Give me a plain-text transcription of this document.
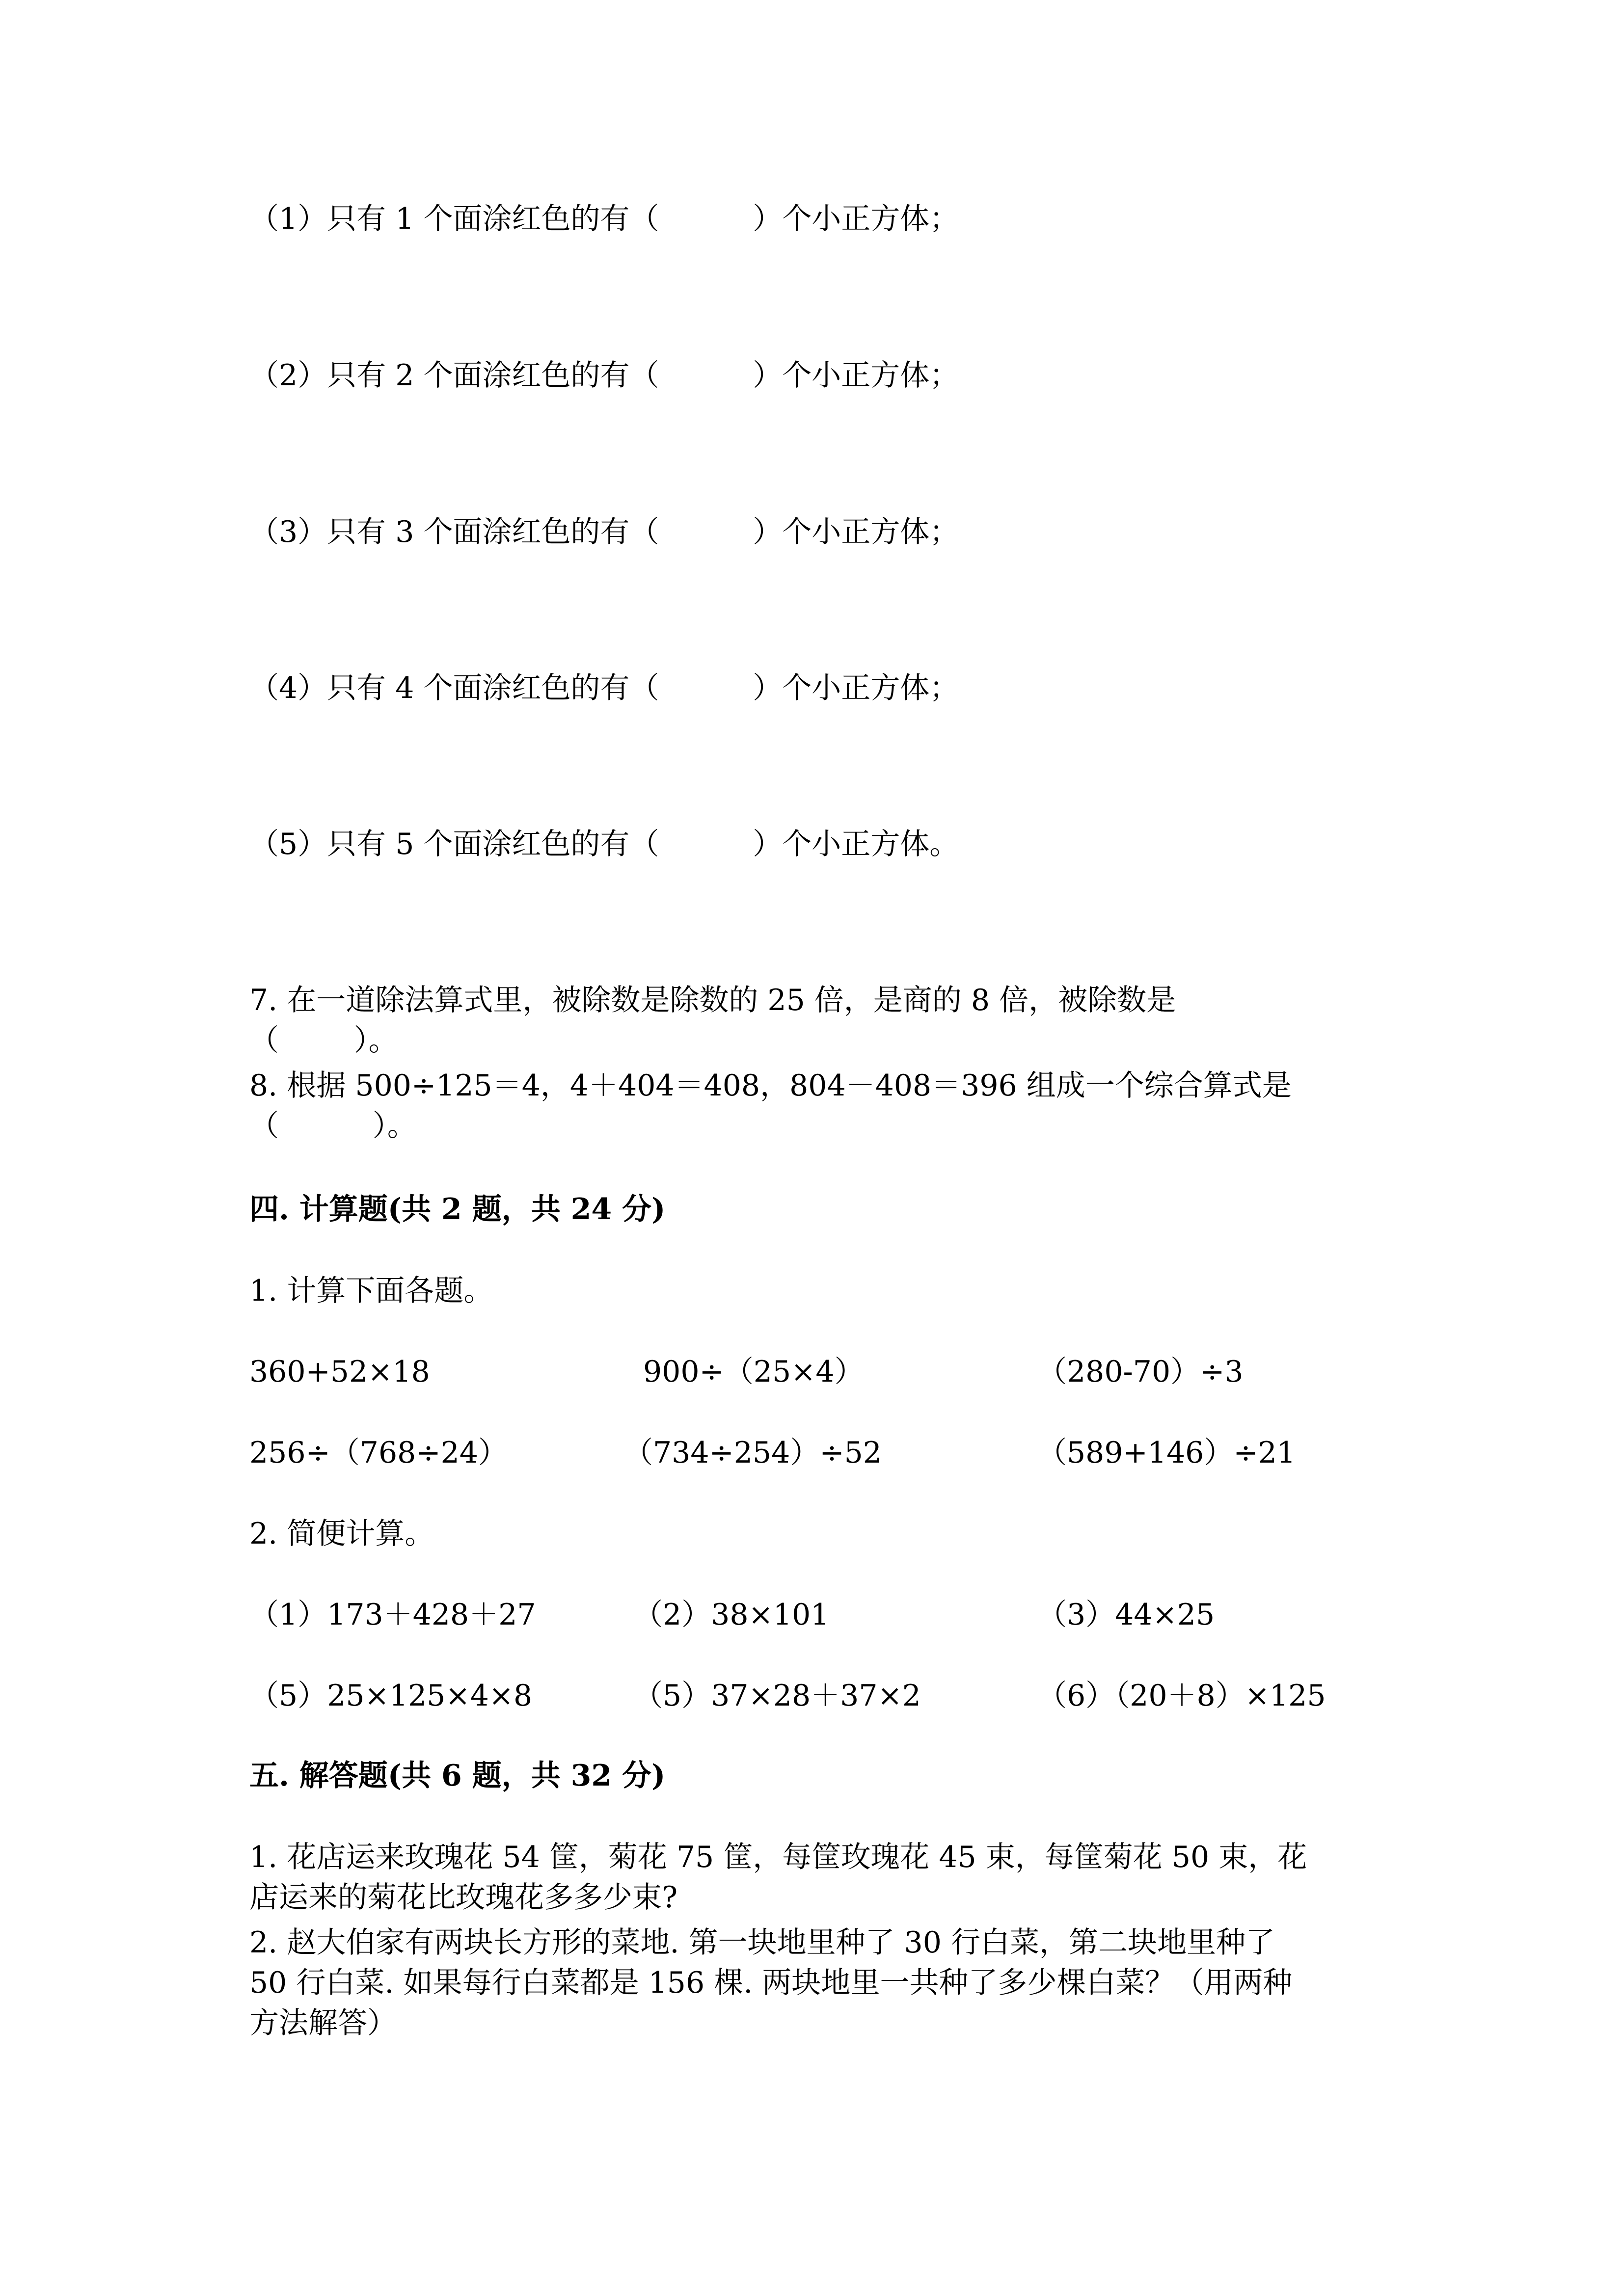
（1）只有 1 个面涂红色的有（          ）个小正方体；
（2）只有 2 个面涂红色的有（          ）个小正方体；
（3）只有 3 个面涂红色的有（          ）个小正方体；
（4）只有 4 个面涂红色的有（          ）个小正方体；
（5）只有 5 个面涂红色的有（          ）个小正方体。
7. 在一道除法算式里，被除数是除数的 25 倍，是商的 8 倍，被除数是
（        ）。
8. 根据 500÷125＝4，4＋404＝408，804－408＝396 组成一个综合算式是
（          ）。
四. 计算题(共 2 题，共 24 分)
1. 计算下面各题。
360+52×18	900÷（25×4）	（280-70）÷3
256÷（768÷24）	（734÷254）÷52	（589+146）÷21
2. 简便计算。
（1）173＋428＋27	（2）38×101	（3）44×25
（5）25×125×4×8	（5）37×28＋37×2	（6）（20＋8）×125
五. 解答题(共 6 题，共 32 分)
1. 花店运来玫瑰花 54 筐，菊花 75 筐，每筐玫瑰花 45 束，每筐菊花 50 束，花
店运来的菊花比玫瑰花多多少束?
2. 赵大伯家有两块长方形的菜地. 第一块地里种了 30 行白菜，第二块地里种了
50 行白菜. 如果每行白菜都是 156 棵. 两块地里一共种了多少棵白菜？（用两种
方法解答）
